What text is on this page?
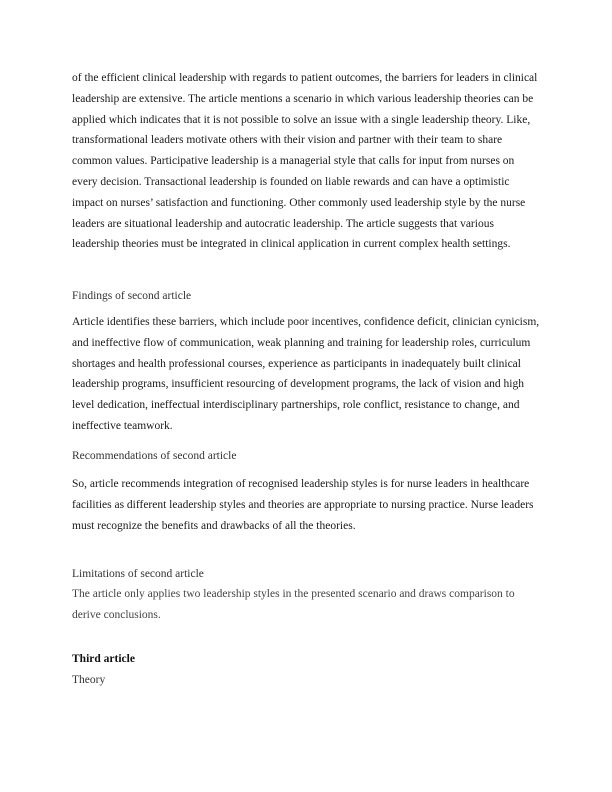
of the efficient clinical leadership with regards to patient outcomes, the barriers for leaders in clinical leadership are extensive. The article mentions a scenario in which various leadership theories can be applied which indicates that it is not possible to solve an issue with a single leadership theory. Like, transformational leaders motivate others with their vision and partner with their team to share common values. Participative leadership is a managerial style that calls for input from nurses on every decision. Transactional leadership is founded on liable rewards and can have a optimistic impact on nurses’ satisfaction and functioning. Other commonly used leadership style by the nurse leaders are situational leadership and autocratic leadership. The article suggests that various leadership theories must be integrated in clinical application in current complex health settings.

Findings of second article

Article identifies these barriers, which include poor incentives, confidence deficit, clinician cynicism, and ineffective flow of communication, weak planning and training for leadership roles, curriculum shortages and health professional courses, experience as participants in inadequately built clinical leadership programs, insufficient resourcing of development programs, the lack of vision and high level dedication, ineffectual interdisciplinary partnerships, role conflict, resistance to change, and ineffective teamwork.

Recommendations of second article

So, article recommends integration of recognised leadership styles is for nurse leaders in healthcare facilities as different leadership styles and theories are appropriate to nursing practice. Nurse leaders must recognize the benefits and drawbacks of all the theories.

Limitations of second article

The article only applies two leadership styles in the presented scenario and draws comparison to derive conclusions.

Third article

Theory
